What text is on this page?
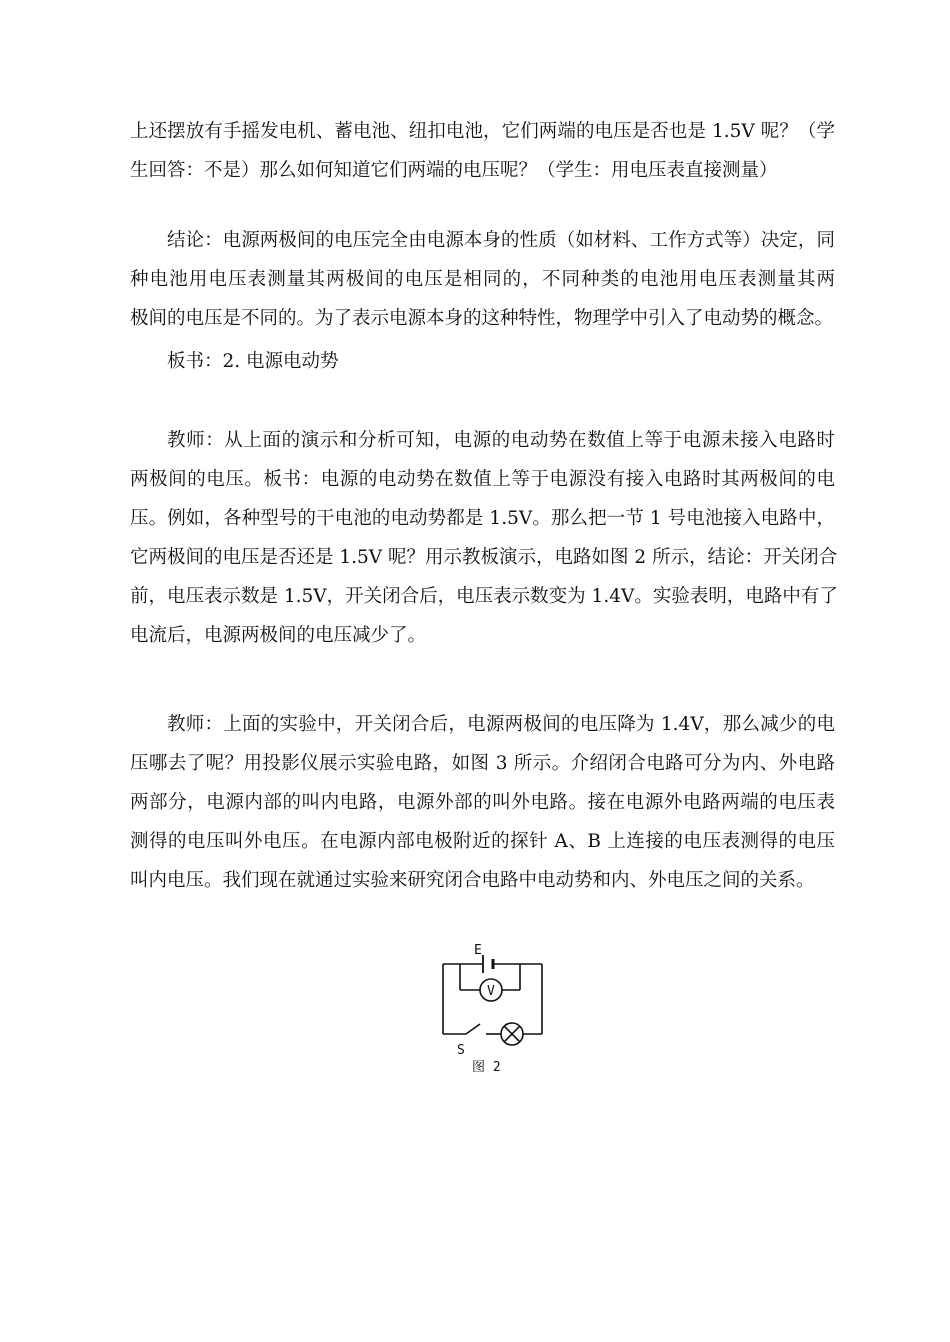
上还摆放有手摇发电机、蓄电池、纽扣电池，它们两端的电压是否也是 1.5V 呢？（学
生回答：不是）那么如何知道它们两端的电压呢？（学生：用电压表直接测量）
结论：电源两极间的电压完全由电源本身的性质（如材料、工作方式等）决定，同
种电池用电压表测量其两极间的电压是相同的，不同种类的电池用电压表测量其两
极间的电压是不同的。为了表示电源本身的这种特性，物理学中引入了电动势的概念。
板书：2. 电源电动势
教师：从上面的演示和分析可知，电源的电动势在数值上等于电源未接入电路时
两极间的电压。板书：电源的电动势在数值上等于电源没有接入电路时其两极间的电
压。例如，各种型号的干电池的电动势都是 1.5V。那么把一节 1 号电池接入电路中，
它两极间的电压是否还是 1.5V 呢？用示教板演示，电路如图 2 所示，结论：开关闭合
前，电压表示数是 1.5V，开关闭合后，电压表示数变为 1.4V。实验表明，电路中有了
电流后，电源两极间的电压减少了。
教师：上面的实验中，开关闭合后，电源两极间的电压降为 1.4V，那么减少的电
压哪去了呢？用投影仪展示实验电路，如图 3 所示。介绍闭合电路可分为内、外电路
两部分，电源内部的叫内电路，电源外部的叫外电路。接在电源外电路两端的电压表
测得的电压叫外电压。在电源内部电极附近的探针 A、B 上连接的电压表测得的电压
叫内电压。我们现在就通过实验来研究闭合电路中电动势和内、外电压之间的关系。
E
V
S
图 2
